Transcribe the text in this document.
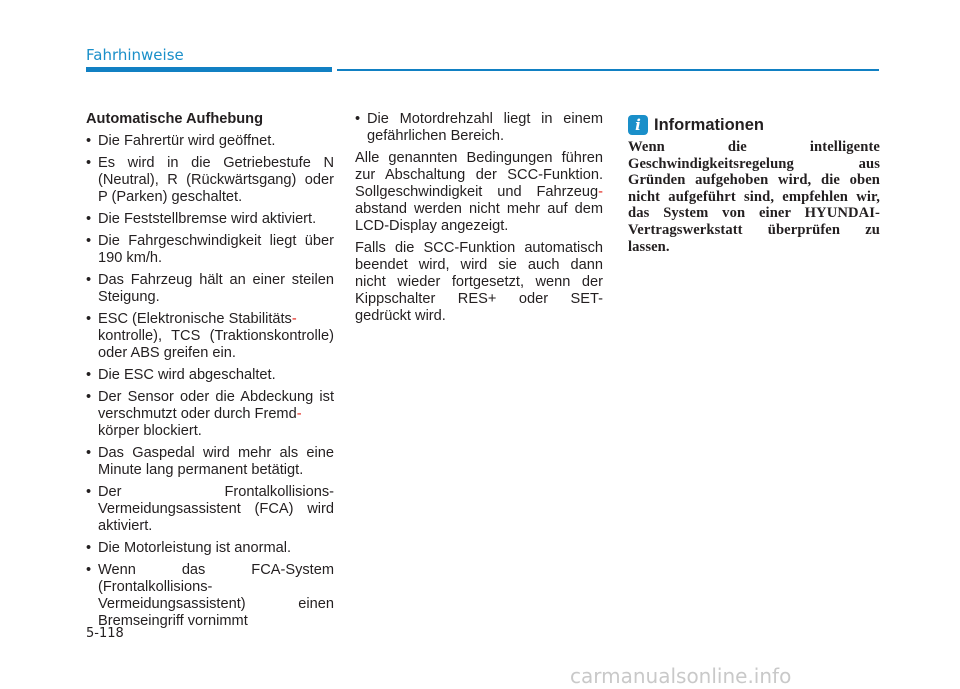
Fahrhinweise
Automatische Aufhebung
• Die Fahrertür wird geöffnet.
• Es wird in die Getriebestufe N (Neutral), R (Rückwärtsgang) oder P (Parken) geschaltet.
• Die Feststellbremse wird aktiviert.
• Die Fahrgeschwindigkeit liegt über 190 km/h.
• Das Fahrzeug hält an einer steilen Steigung.
• ESC (Elektronische Stabilitäts-
kontrolle), TCS (Traktionskontrolle) oder ABS greifen ein.
• Die ESC wird abgeschaltet.
• Der Sensor oder die Abdeckung ist verschmutzt oder durch Fremd-
körper blockiert.
• Das Gaspedal wird mehr als eine Minute lang permanent betätigt.
• Der Frontalkollisions-Vermeidungsassistent (FCA) wird aktiviert.
• Die Motorleistung ist anormal.
• Wenn das FCA-System (Frontalkollisions-Vermeidungsassistent) einen Bremseingriff vornimmt
• Die Motordrehzahl liegt in einem gefährlichen Bereich.

Alle genannten Bedingungen führen zur Abschaltung der SCC-Funktion. Sollgeschwindigkeit und Fahrzeug- abstand werden nicht mehr auf dem LCD-Display angezeigt.

Falls die SCC-Funktion automatisch beendet wird, wird sie auch dann nicht wieder fortgesetzt, wenn der Kippschalter RES+ oder SET- gedrückt wird.

i Informationen

Wenn die intelligente Geschwindigkeitsregelung aus Gründen aufgehoben wird, die oben nicht aufgeführt sind, empfehlen wir, das System von einer HYUNDAI-Vertragswerkstatt überprüfen zu lassen.

5-118
carmanualsonline.info
